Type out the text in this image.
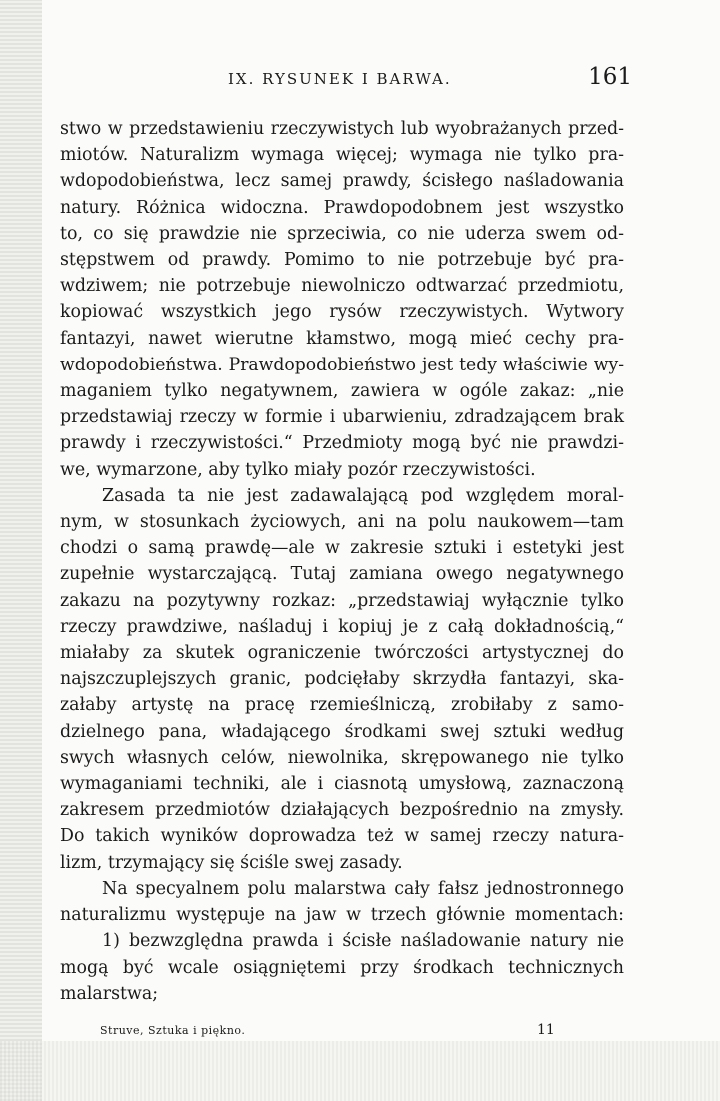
IX. RYSUNEK I BARWA.	161
stwo w przedstawieniu rzeczywistych lub wyobrażanych przed-
miotów. Naturalizm wymaga więcej; wymaga nie tylko pra-
wdopodobieństwa, lecz samej prawdy, ścisłego naśladowania
natury. Różnica widoczna. Prawdopodobnem jest wszystko
to, co się prawdzie nie sprzeciwia, co nie uderza swem od-
stępstwem od prawdy. Pomimo to nie potrzebuje być pra-
wdziwem; nie potrzebuje niewolniczo odtwarzać przedmiotu,
kopiować wszystkich jego rysów rzeczywistych. Wytwory
fantazyi, nawet wierutne kłamstwo, mogą mieć cechy pra-
wdopodobieństwa. Prawdopodobieństwo jest tedy właściwie wy-
maganiem tylko negatywnem, zawiera w ogóle zakaz: „nie
przedstawiaj rzeczy w formie i ubarwieniu, zdradzającem brak
prawdy i rzeczywistości.“ Przedmioty mogą być nie prawdzi-
we, wymarzone, aby tylko miały pozór rzeczywistości.
Zasada ta nie jest zadawalającą pod względem moral-
nym, w stosunkach życiowych, ani na polu naukowem—tam
chodzi o samą prawdę—ale w zakresie sztuki i estetyki jest
zupełnie wystarczającą. Tutaj zamiana owego negatywnego
zakazu na pozytywny rozkaz: „przedstawiaj wyłącznie tylko
rzeczy prawdziwe, naśladuj i kopiuj je z całą dokładnością,“
miałaby za skutek ograniczenie twórczości artystycznej do
najszczuplejszych granic, podcięłaby skrzydła fantazyi, ska-
załaby artystę na pracę rzemieślniczą, zrobiłaby z samo-
dzielnego pana, władającego środkami swej sztuki według
swych własnych celów, niewolnika, skrępowanego nie tylko
wymaganiami techniki, ale i ciasnotą umysłową, zaznaczoną
zakresem przedmiotów działających bezpośrednio na zmysły.
Do takich wyników doprowadza też w samej rzeczy natura-
lizm, trzymający się ściśle swej zasady.
Na specyalnem polu malarstwa cały fałsz jednostronnego
naturalizmu występuje na jaw w trzech głównie momentach:
1) bezwzględna prawda i ścisłe naśladowanie natury nie
mogą być wcale osiągniętemi przy środkach technicznych
malarstwa;
Struve, Sztuka i piękno.	11
